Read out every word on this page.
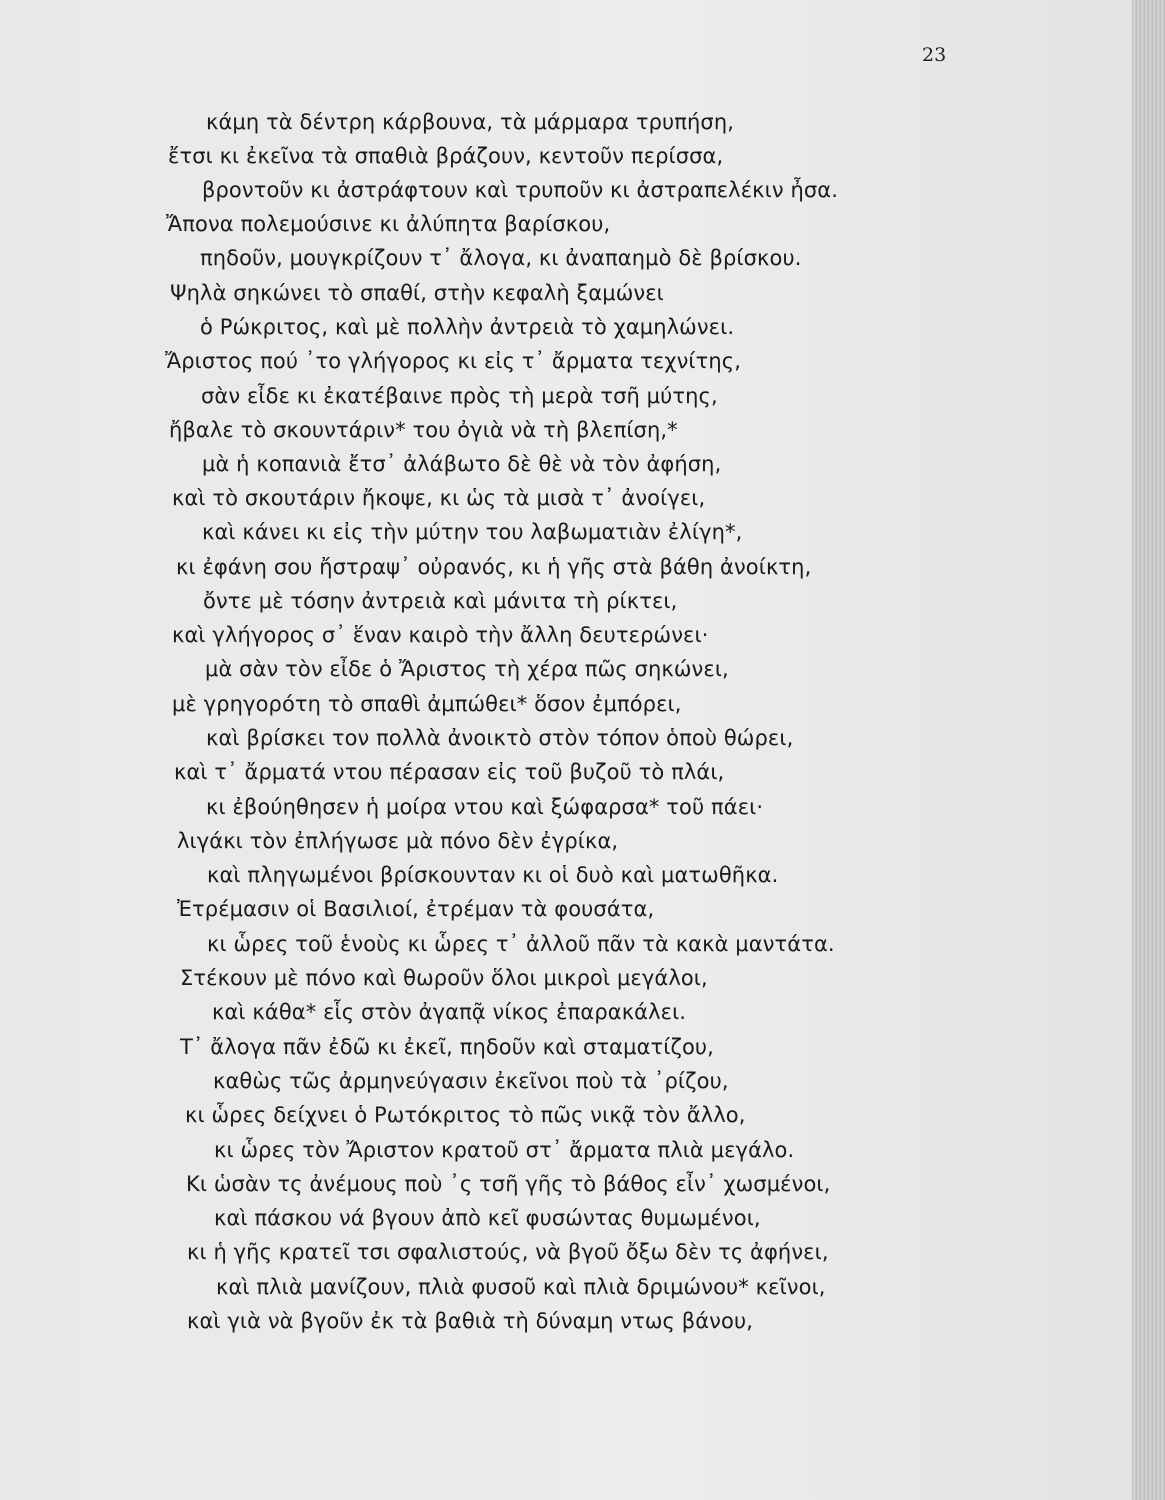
23
κάμη τὰ δέντρη κάρβουνα, τὰ μάρμαρα τρυπήση,
ἔτσι κι ἐκεῖνα τὰ σπαθιὰ βράζουν, κεντοῦν περίσσα,
βροντοῦν κι ἀστράφτουν καὶ τρυποῦν κι ἀστραπελέκιν ἦσα.
Ἄπονα πολεμούσινε κι ἀλύπητα βαρίσκου,
πηδοῦν, μουγκρίζουν τ᾽ ἄλογα, κι ἀναπαημὸ δὲ βρίσκου.
Ψηλὰ σηκώνει τὸ σπαθί, στὴν κεφαλὴ ξαμώνει
ὁ Ρώκριτος, καὶ μὲ πολλὴν ἀντρειὰ τὸ χαμηλώνει.
Ἄριστος πού ᾽το γλήγορος κι εἰς τ᾽ ἄρματα τεχνίτης,
σὰν εἶδε κι ἐκατέβαινε πρὸς τὴ μερὰ τσῆ μύτης,
ἤβαλε τὸ σκουντάριν* του ὀγιὰ νὰ τὴ βλεπίση,*
μὰ ἡ κοπανιὰ ἔτσ᾽ ἀλάβωτο δὲ θὲ νὰ τὸν ἀφήση,
καὶ τὸ σκουτάριν ἤκοψε, κι ὡς τὰ μισὰ τ᾽ ἀνοίγει,
καὶ κάνει κι εἰς τὴν μύτην του λαβωματιὰν ἐλίγη*,
κι ἐφάνη σου ἤστραψ᾽ οὐρανός, κι ἡ γῆς στὰ βάθη ἀνοίκτη,
ὄντε μὲ τόσην ἀντρειὰ καὶ μάνιτα τὴ ρίκτει,
καὶ γλήγορος σ᾽ ἕναν καιρὸ τὴν ἄλλη δευτερώνει·
μὰ σὰν τὸν εἶδε ὁ Ἄριστος τὴ χέρα πῶς σηκώνει,
μὲ γρηγορότη τὸ σπαθὶ ἀμπώθει* ὅσον ἐμπόρει,
καὶ βρίσκει τον πολλὰ ἀνοικτὸ στὸν τόπον ὁποὺ θώρει,
καὶ τ᾽ ἄρματά ντου πέρασαν εἰς τοῦ βυζοῦ τὸ πλάι,
κι ἐβούηθησεν ἡ μοίρα ντου καὶ ξώφαρσα* τοῦ πάει·
λιγάκι τὸν ἐπλήγωσε μὰ πόνο δὲν ἐγρίκα,
καὶ πληγωμένοι βρίσκουνταν κι οἱ δυὸ καὶ ματωθῆκα.
Ἐτρέμασιν οἱ Βασιλιοί, ἐτρέμαν τὰ φουσάτα,
κι ὧρες τοῦ ἑνοὺς κι ὧρες τ᾽ ἀλλοῦ πᾶν τὰ κακὰ μαντάτα.
Στέκουν μὲ πόνο καὶ θωροῦν ὅλοι μικροὶ μεγάλοι,
καὶ κάθα* εἷς στὸν ἀγαπᾷ νίκος ἐπαρακάλει.
Τ᾽ ἄλογα πᾶν ἐδῶ κι ἐκεῖ, πηδοῦν καὶ σταματίζου,
καθὼς τῶς ἀρμηνεύγασιν ἐκεῖνοι ποὺ τὰ ᾽ρίζου,
κι ὧρες δείχνει ὁ Ρωτόκριτος τὸ πῶς νικᾷ τὸν ἄλλο,
κι ὧρες τὸν Ἄριστον κρατοῦ στ᾽ ἄρματα πλιὰ μεγάλο.
Κι ὡσὰν τς ἀνέμους ποὺ ᾽ς τσῆ γῆς τὸ βάθος εἶν᾽ χωσμένοι,
καὶ πάσκου νά βγουν ἀπὸ κεῖ φυσώντας θυμωμένοι,
κι ἡ γῆς κρατεῖ τσι σφαλιστούς, νὰ βγοῦ ὄξω δὲν τς ἀφήνει,
καὶ πλιὰ μανίζουν, πλιὰ φυσοῦ καὶ πλιὰ δριμώνου* κεῖνοι,
καὶ γιὰ νὰ βγοῦν ἐκ τὰ βαθιὰ τὴ δύναμη ντως βάνου,
